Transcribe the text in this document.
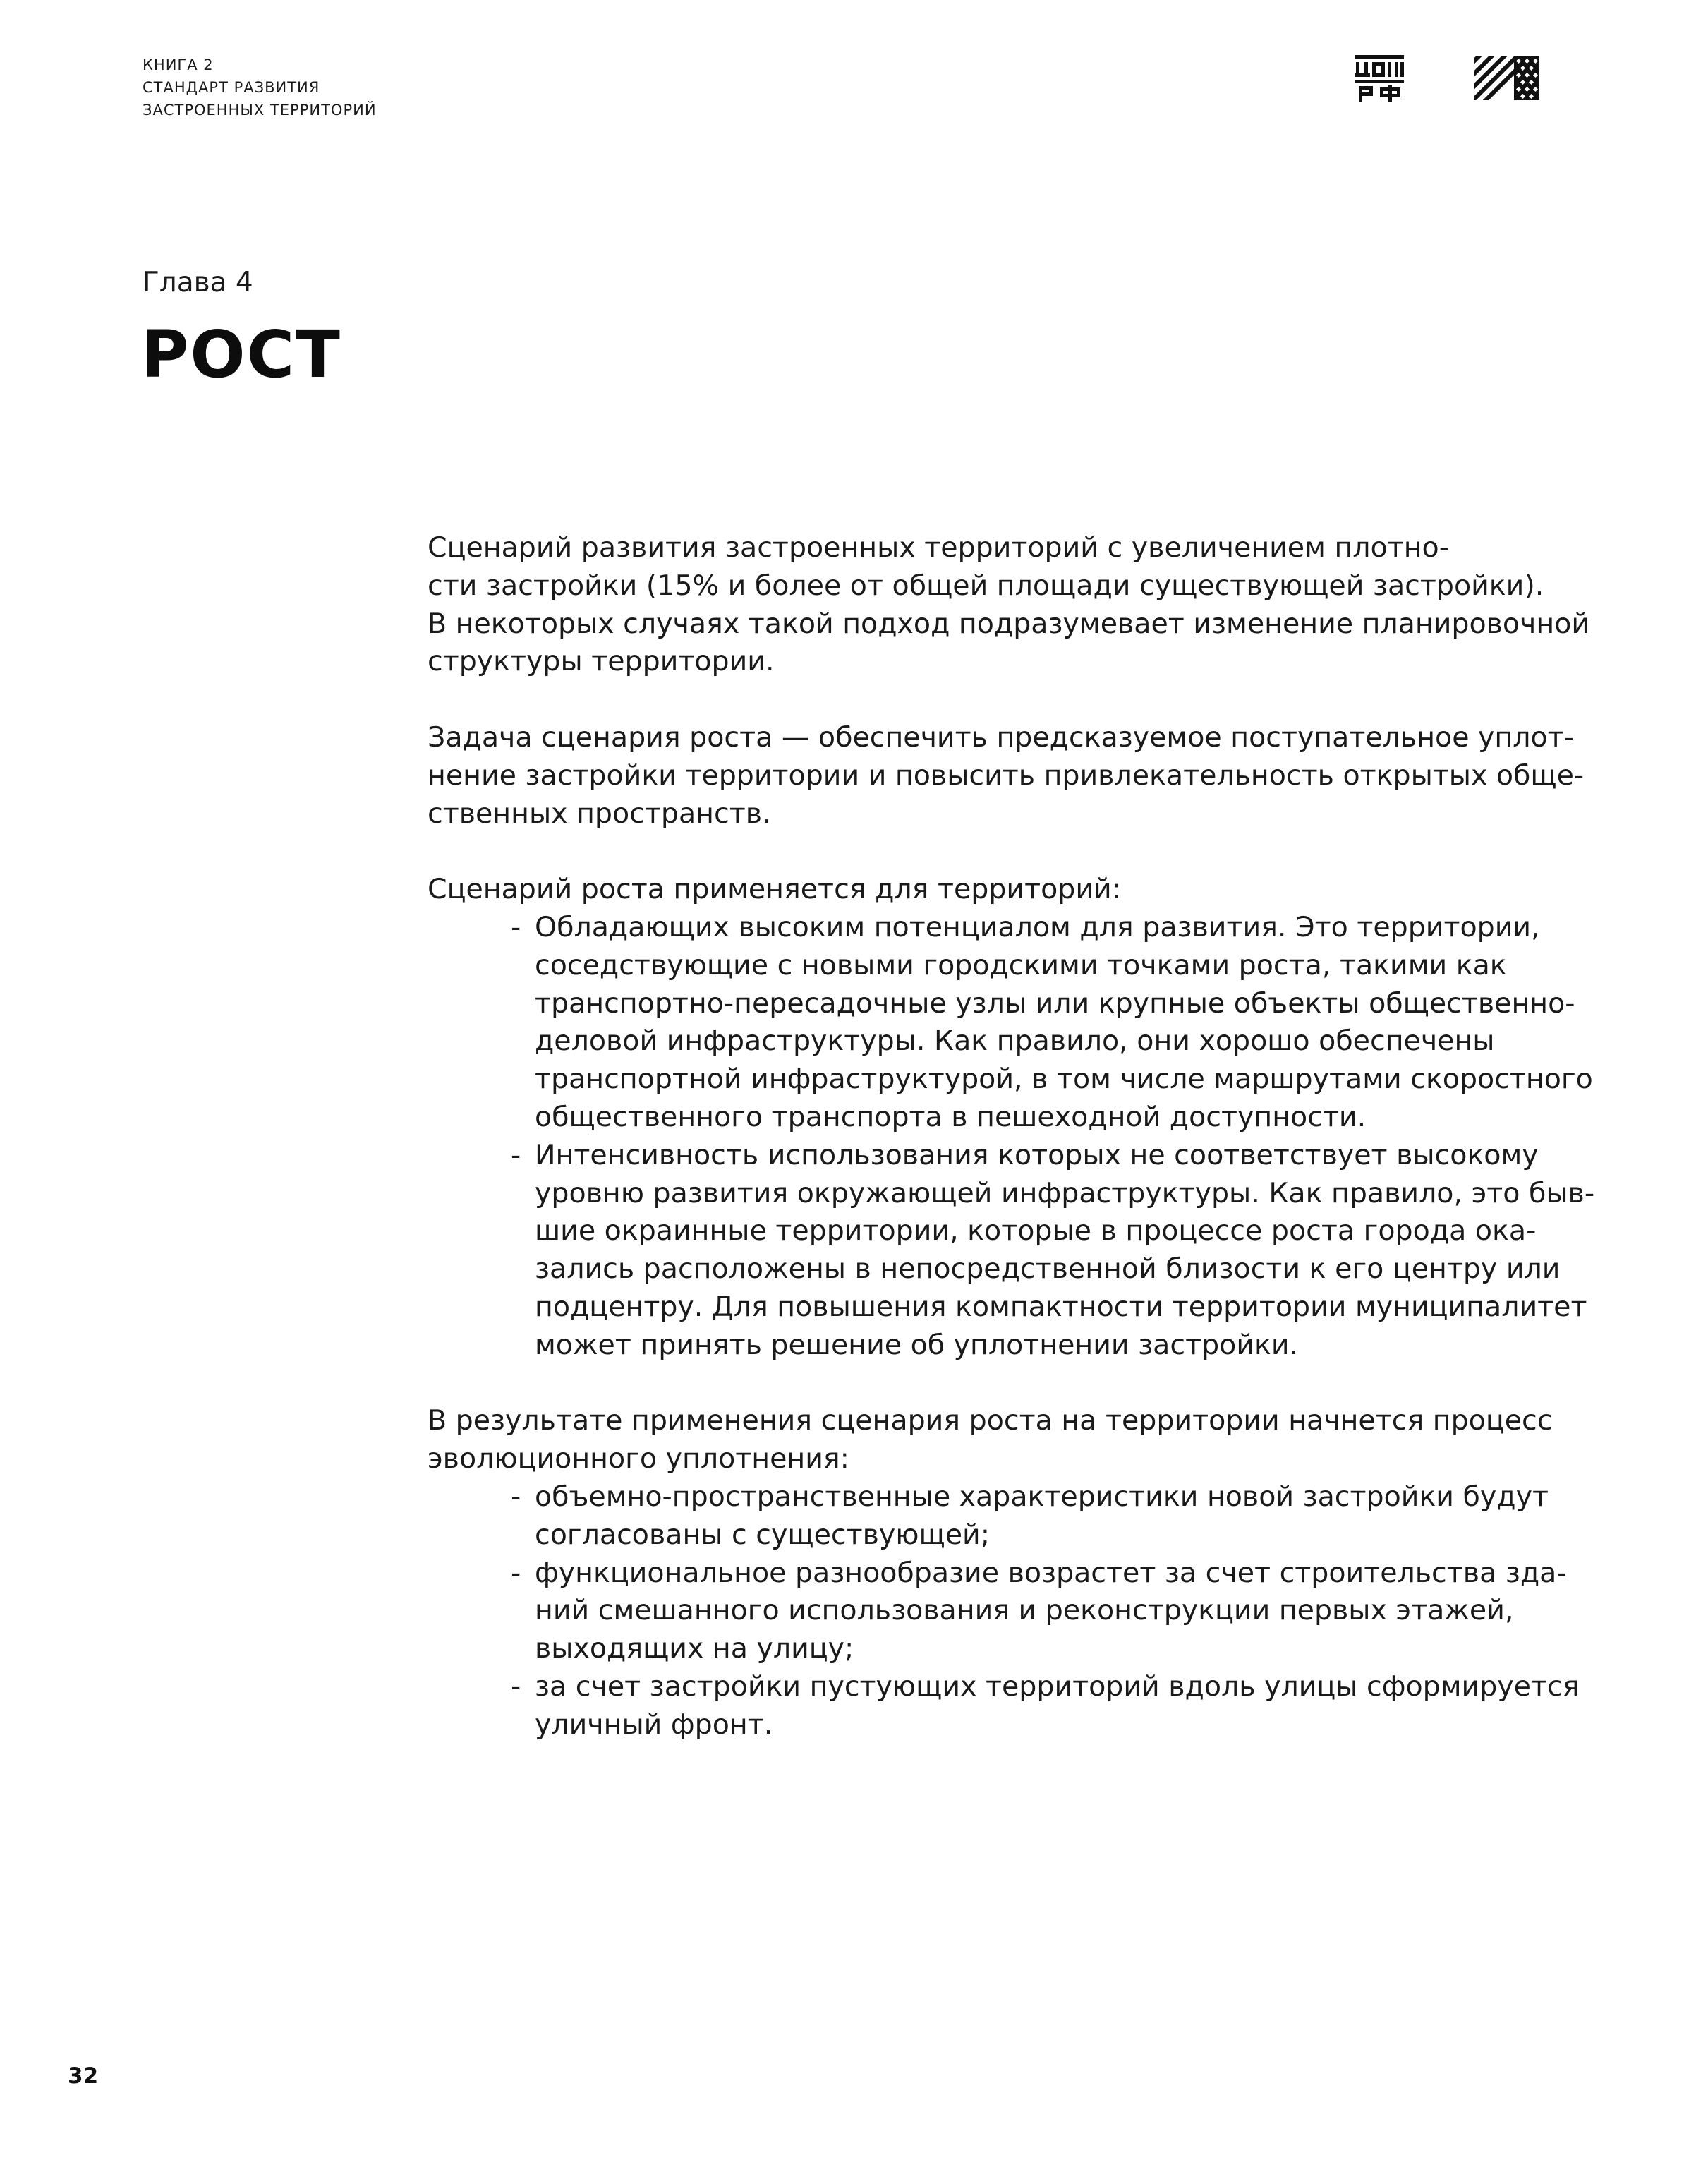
КНИГА 2
СТАНДАРТ РАЗВИТИЯ
ЗАСТРОЕННЫХ ТЕРРИТОРИЙ
Глава 4
РОСТ

Сценарий развития застроенных территорий с увеличением плотно-
сти застройки (15% и более от общей площади существующей застройки).
В некоторых случаях такой подход подразумевает изменение планировочной
структуры территории.

Задача сценария роста — обеспечить предсказуемое поступательное уплот-
нение застройки территории и повысить привлекательность открытых обще-
ственных пространств.

Сценарий роста применяется для территорий:

- Обладающих высоким потенциалом для развития. Это территории,
соседствующие с новыми городскими точками роста, такими как
транспортно-пересадочные узлы или крупные объекты общественно-
деловой инфраструктуры. Как правило, они хорошо обеспечены
транспортной инфраструктурой, в том числе маршрутами скоростного
общественного транспорта в пешеходной доступности.
- Интенсивность использования которых не соответствует высокому
уровню развития окружающей инфраструктуры. Как правило, это быв-
шие окраинные территории, которые в процессе роста города ока-
зались расположены в непосредственной близости к его центру или
подцентру. Для повышения компактности территории муниципалитет
может принять решение об уплотнении застройки.

В результате применения сценария роста на территории начнется процесс
эволюционного уплотнения:

- объемно-пространственные характеристики новой застройки будут
согласованы с существующей;
- функциональное разнообразие возрастет за счет строительства зда-
ний смешанного использования и реконструкции первых этажей,
выходящих на улицу;
- за счет застройки пустующих территорий вдоль улицы сформируется
уличный фронт.
32
